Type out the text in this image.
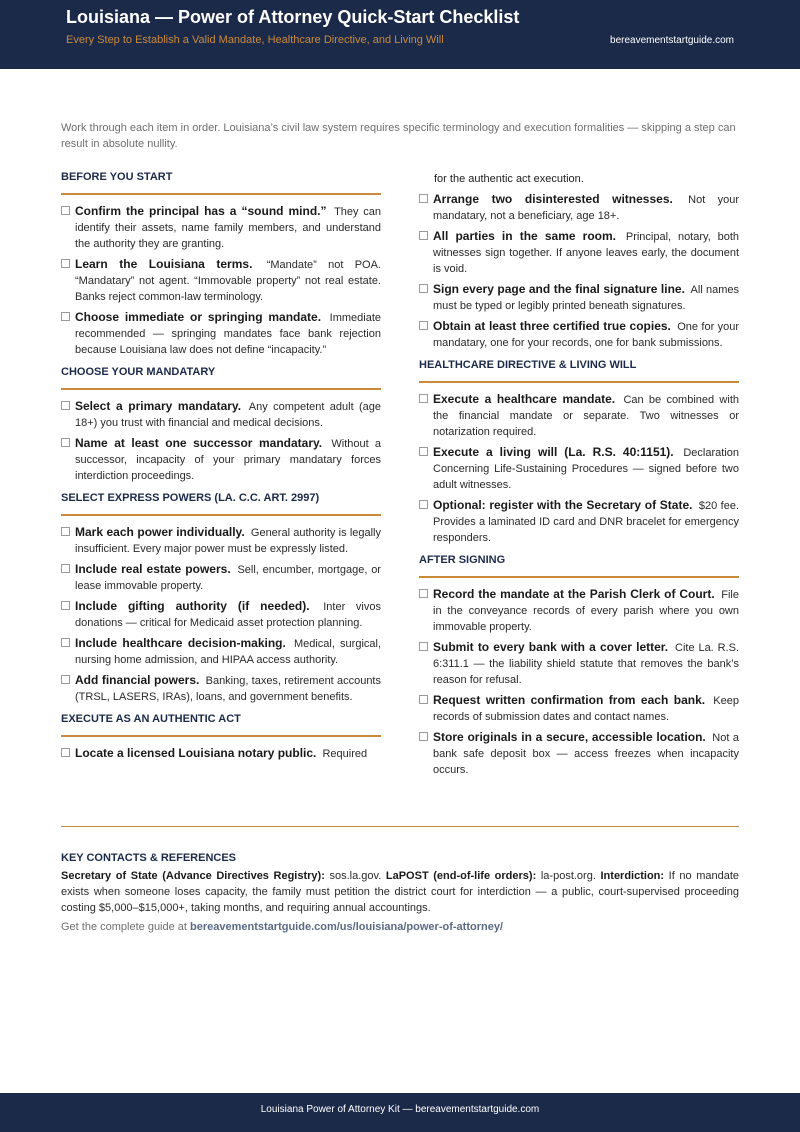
Louisiana — Power of Attorney Quick-Start Checklist
Every Step to Establish a Valid Mandate, Healthcare Directive, and Living Will	bereavementstartguide.com
Work through each item in order. Louisiana’s civil law system requires specific terminology and execution formalities — skipping a step can result in absolute nullity.
BEFORE YOU START
Confirm the principal has a “sound mind.” They can identify their assets, name family members, and understand the authority they are granting.
Learn the Louisiana terms. “Mandate” not POA. “Mandatary” not agent. “Immovable property” not real estate. Banks reject common-law terminology.
Choose immediate or springing mandate. Immediate recommended — springing mandates face bank rejection because Louisiana law does not define “incapacity.”
CHOOSE YOUR MANDATARY
Select a primary mandatary. Any competent adult (age 18+) you trust with financial and medical decisions.
Name at least one successor mandatary. Without a successor, incapacity of your primary mandatary forces interdiction proceedings.
SELECT EXPRESS POWERS (LA. C.C. ART. 2997)
Mark each power individually. General authority is legally insufficient. Every major power must be expressly listed.
Include real estate powers. Sell, encumber, mortgage, or lease immovable property.
Include gifting authority (if needed). Inter vivos donations — critical for Medicaid asset protection planning.
Include healthcare decision-making. Medical, surgical, nursing home admission, and HIPAA access authority.
Add financial powers. Banking, taxes, retirement accounts (TRSL, LASERS, IRAs), loans, and government benefits.
EXECUTE AS AN AUTHENTIC ACT
Locate a licensed Louisiana notary public. Required
for the authentic act execution.
Arrange two disinterested witnesses. Not your mandatary, not a beneficiary, age 18+.
All parties in the same room. Principal, notary, both witnesses sign together. If anyone leaves early, the document is void.
Sign every page and the final signature line. All names must be typed or legibly printed beneath signatures.
Obtain at least three certified true copies. One for your mandatary, one for your records, one for bank submissions.
HEALTHCARE DIRECTIVE & LIVING WILL
Execute a healthcare mandate. Can be combined with the financial mandate or separate. Two witnesses or notarization required.
Execute a living will (La. R.S. 40:1151). Declaration Concerning Life-Sustaining Procedures — signed before two adult witnesses.
Optional: register with the Secretary of State. $20 fee. Provides a laminated ID card and DNR bracelet for emergency responders.
AFTER SIGNING
Record the mandate at the Parish Clerk of Court. File in the conveyance records of every parish where you own immovable property.
Submit to every bank with a cover letter. Cite La. R.S. 6:311.1 — the liability shield statute that removes the bank’s reason for refusal.
Request written confirmation from each bank. Keep records of submission dates and contact names.
Store originals in a secure, accessible location. Not a bank safe deposit box — access freezes when incapacity occurs.
KEY CONTACTS & REFERENCES
Secretary of State (Advance Directives Registry): sos.la.gov. LaPOST (end-of-life orders): la-post.org. Interdiction: If no mandate exists when someone loses capacity, the family must petition the district court for interdiction — a public, court-supervised proceeding costing $5,000–$15,000+, taking months, and requiring annual accountings.
Get the complete guide at bereavementstartguide.com/us/louisiana/power-of-attorney/
Louisiana Power of Attorney Kit — bereavementstartguide.com
